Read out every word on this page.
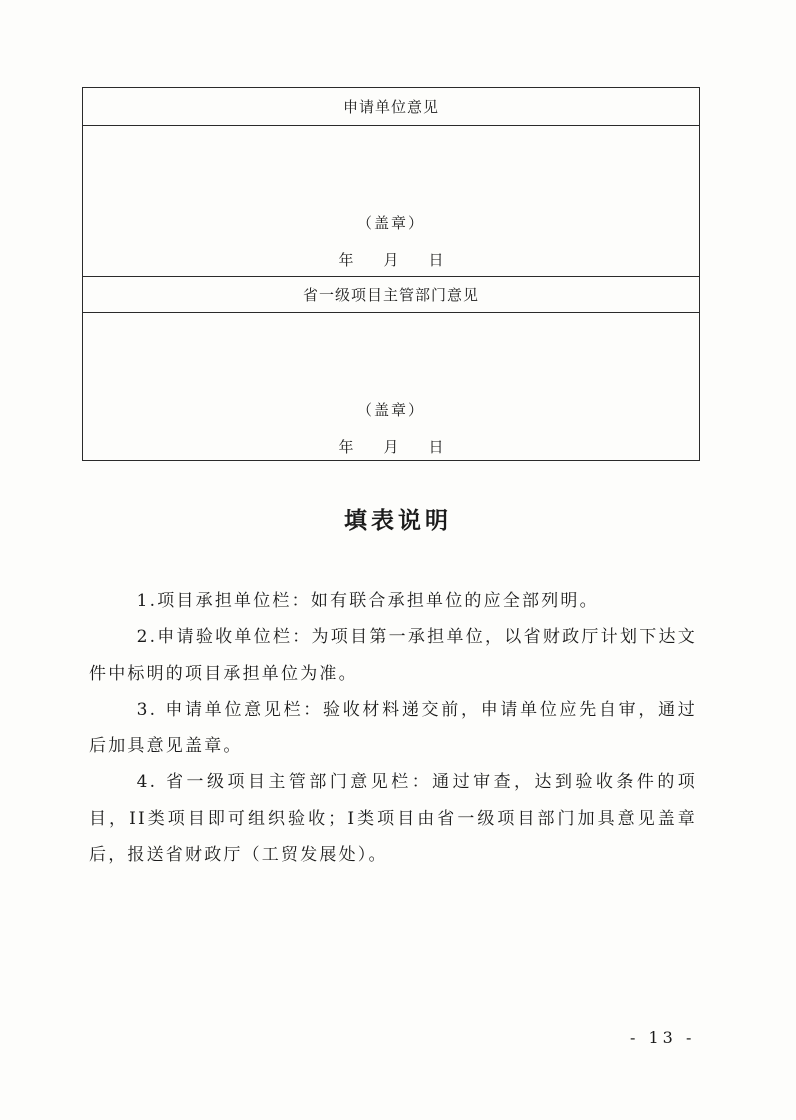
申请单位意见
（盖章）
年 月 日
省一级项目主管部门意见
（盖章）
年 月 日
填表说明

1.项目承担单位栏：如有联合承担单位的应全部列明。

2.申请验收单位栏：为项目第一承担单位，以省财政厅计划下达文件中标明的项目承担单位为准。

3. 申请单位意见栏：验收材料递交前，申请单位应先自审，通过后加具意见盖章。

4. 省一级项目主管部门意见栏：通过审查，达到验收条件的项目，II类项目即可组织验收；I类项目由省一级项目部门加具意见盖章后，报送省财政厅（工贸发展处）。

- 13 -
